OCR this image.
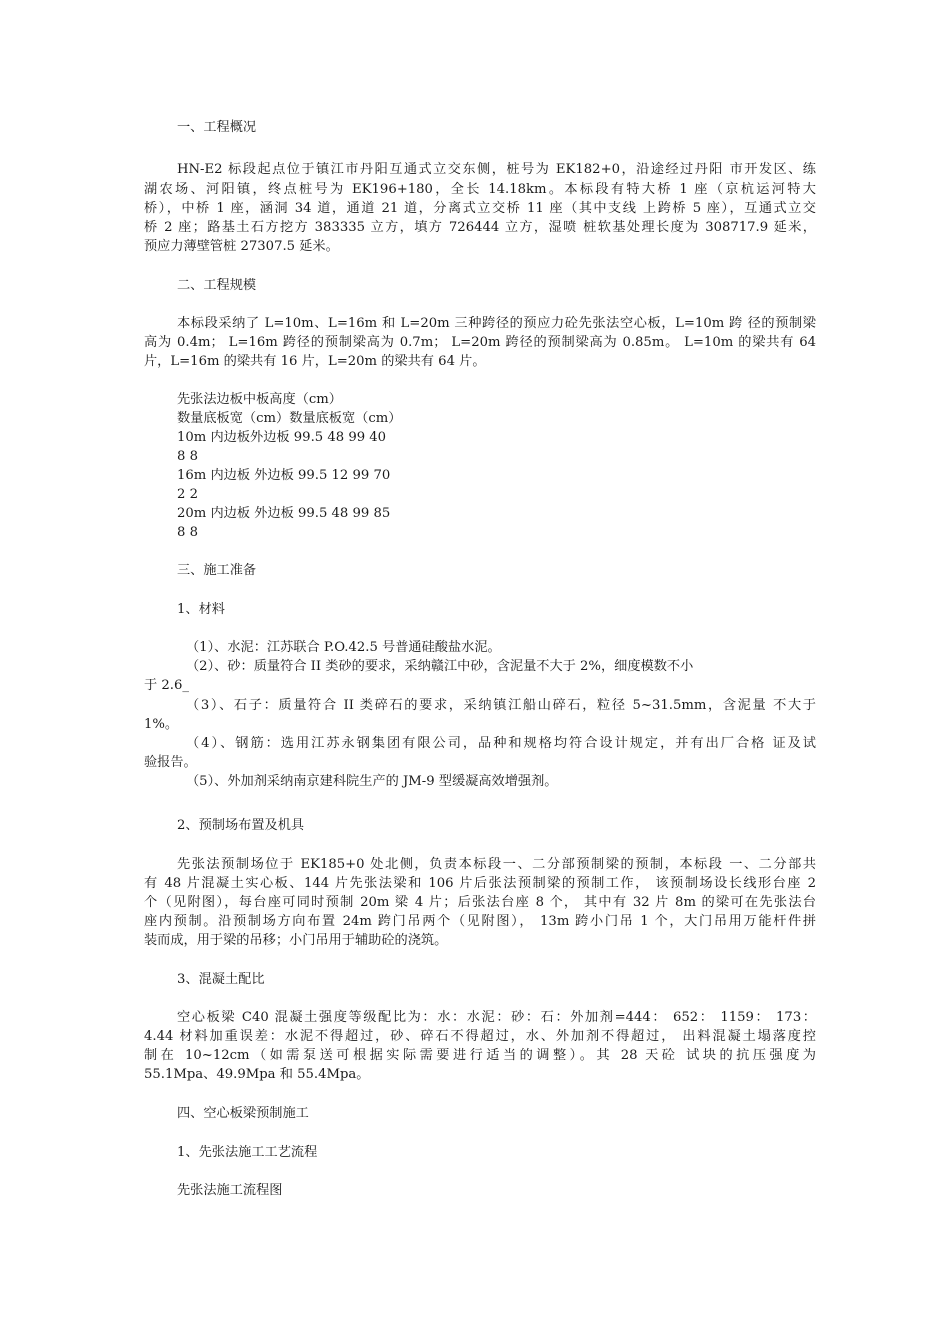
一、工程概况
HN-E2 标段起点位于镇江市丹阳互通式立交东侧，桩号为 EK182+0，沿途经过丹阳 市开发区、练
湖农场、河阳镇，终点桩号为 EK196+180，全长 14.18km。本标段有特大桥 1 座（京杭运河特大
桥），中桥 1 座，涵洞 34 道，通道 21 道，分离式立交桥 11 座（其中支线 上跨桥 5 座），互通式立交
桥 2 座；路基土石方挖方 383335 立方，填方 726444 立方，湿喷 桩软基处理长度为 308717.9 延米，
预应力薄壁管桩 27307.5 延米。
二、工程规模
本标段采纳了 L=10m、L=16m 和 L=20m 三种跨径的预应力砼先张法空心板，L=10m 跨 径的预制梁
高为 0.4m； L=16m 跨径的预制梁高为 0.7m； L=20m 跨径的预制梁高为 0.85m。 L=10m 的梁共有 64
片，L=16m 的梁共有 16 片，L=20m 的梁共有 64 片。
先张法边板中板高度（cm）
数量底板宽（cm）数量底板宽（cm）
10m 内边板外边板 99.5 48 99 40
8 8
16m 内边板 外边板 99.5 12 99 70
2 2
20m 内边板 外边板 99.5 48 99 85
8 8
三、施工准备
1、材料
（1）、水泥：江苏联合 P.O.42.5 号普通硅酸盐水泥。
（2）、砂：质量符合 II 类砂的要求，采纳赣江中砂，含泥量不大于 2%，细度模数不小
于 2.6_
（3）、石子：质量符合 II 类碎石的要求，采纳镇江船山碎石，粒径 5~31.5mm，含泥量 不大于
1%。
（4）、钢筋：选用江苏永钢集团有限公司，品种和规格均符合设计规定，并有出厂合格 证及试
验报告。
（5）、外加剂采纳南京建科院生产的 JM-9 型缓凝高效增强剂。
2、预制场布置及机具
先张法预制场位于 EK185+0 处北侧，负责本标段一、二分部预制梁的预制，本标段 一、二分部共
有 48 片混凝土实心板、144 片先张法梁和 106 片后张法预制梁的预制工作， 该预制场设长线形台座 2
个（见附图），每台座可同时预制 20m 梁 4 片；后张法台座 8 个， 其中有 32 片 8m 的梁可在先张法台
座内预制。沿预制场方向布置 24m 跨门吊两个（见附图）， 13m 跨小门吊 1 个，大门吊用万能杆件拼
装而成，用于梁的吊移；小门吊用于辅助砼的浇筑。
3、混凝土配比
空心板梁 C40 混凝土强度等级配比为：水：水泥：砂：石：外加剂=444： 652： 1159： 173：
4.44 材料加重误差：水泥不得超过，砂、碎石不得超过，水、外加剂不得超过， 出料混凝土塌落度控
制在 10~12cm（如需泵送可根据实际需要进行适当的调整）。其 28 天砼 试块的抗压强度为
55.1Mpa、49.9Mpa 和 55.4Mpa。
四、空心板梁预制施工
1、先张法施工工艺流程
先张法施工流程图
